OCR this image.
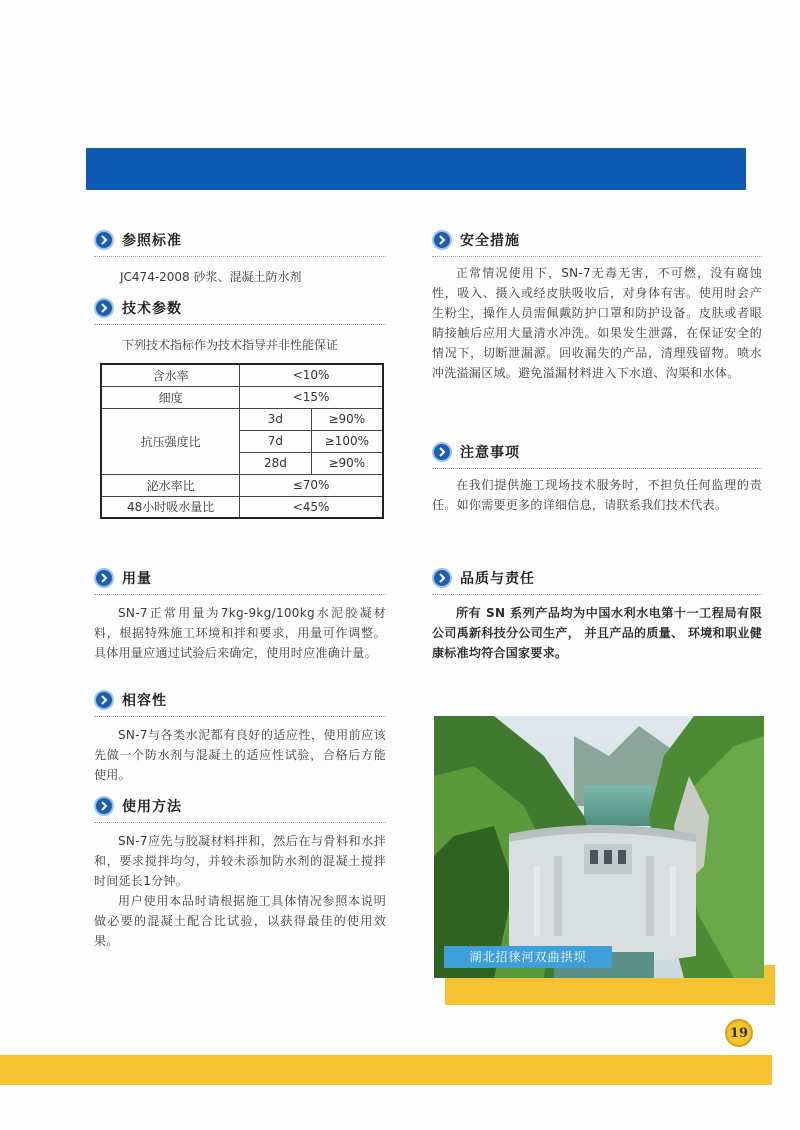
参照标准
JC474-2008 砂浆、混凝土防水剂
技术参数
下列技术指标作为技术指导并非性能保证
含水率	<10%	
细度	<15%	
抗压强度比	3d	≥90%
	7d	≥100%
	28d	≥90%
泌水率比	≤70%	
48小时吸水量比	<45%	
用量
SN-7正常用量为7kg-9kg/100kg水泥胶凝材料，根据特殊施工环境和拌和要求，用量可作调整。具体用量应通过试验后来确定，使用时应准确计量。
相容性
SN-7与各类水泥都有良好的适应性，使用前应该先做一个防水剂与混凝土的适应性试验，合格后方能使用。
使用方法
SN-7应先与胶凝材料拌和，然后在与骨料和水拌和，要求搅拌均匀，并较未添加防水剂的混凝土搅拌时间延长1分钟。
用户使用本品时请根据施工具体情况参照本说明做必要的混凝土配合比试验，以获得最佳的使用效果。
安全措施
正常情况使用下，SN-7无毒无害，不可燃，没有腐蚀性，吸入、摄入或经皮肤吸收后，对身体有害。使用时会产生粉尘，操作人员需佩戴防护口罩和防护设备。皮肤或者眼睛接触后应用大量清水冲洗。如果发生泄露，在保证安全的情况下，切断泄漏源。回收漏失的产品，清理残留物。喷水冲洗溢漏区域。避免溢漏材料进入下水道、沟渠和水体。
注意事项
在我们提供施工现场技术服务时，不担负任何监理的责任。如你需要更多的详细信息，请联系我们技术代表。
品质与责任
所有 SN 系列产品均为中国水利水电第十一工程局有限公司禹新科技分公司生产， 并且产品的质量、 环境和职业健康标准均符合国家要求。
湖北招徕河双曲拱坝
19
